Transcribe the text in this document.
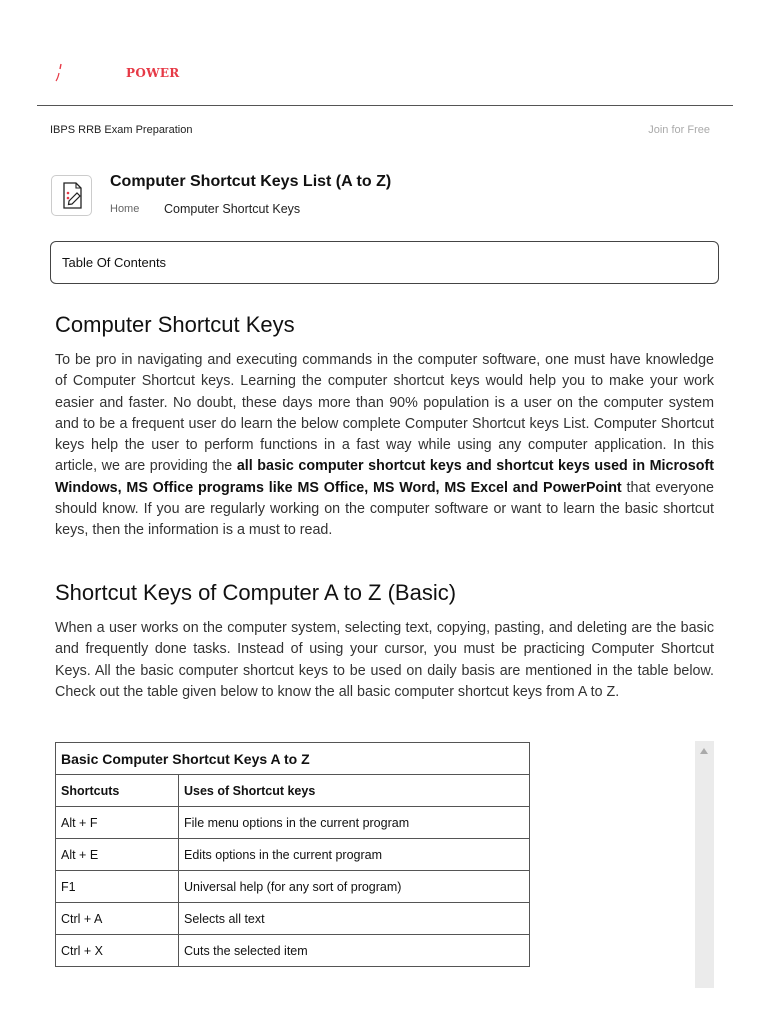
POWER
IBPS RRB Exam Preparation	Join for Free
Computer Shortcut Keys List (A to Z)
Home Computer Shortcut Keys
Table Of Contents
Computer Shortcut Keys

To be pro in navigating and executing commands in the computer software, one must have knowledge of Computer Shortcut keys. Learning the computer shortcut keys would help you to make your work easier and faster. No doubt, these days more than 90% population is a user on the computer system and to be a frequent user do learn the below complete Computer Shortcut keys List. Computer Shortcut keys help the user to perform functions in a fast way while using any computer application. In this article, we are providing the all basic computer shortcut keys and shortcut keys used in Microsoft Windows, MS Office programs like MS Office, MS Word, MS Excel and PowerPoint that everyone should know. If you are regularly working on the computer software or want to learn the basic shortcut keys, then the information is a must to read.

Shortcut Keys of Computer A to Z (Basic)

When a user works on the computer system, selecting text, copying, pasting, and deleting are the basic and frequently done tasks. Instead of using your cursor, you must be practicing Computer Shortcut Keys. All the basic computer shortcut keys to be used on daily basis are mentioned in the table below. Check out the table given below to know the all basic computer shortcut keys from A to Z.

Basic Computer Shortcut Keys A to Z	
Shortcuts	Uses of Shortcut keys
Alt + F	File menu options in the current program
Alt + E	Edits options in the current program
F1	Universal help (for any sort of program)
Ctrl + A	Selects all text
Ctrl + X	Cuts the selected item
